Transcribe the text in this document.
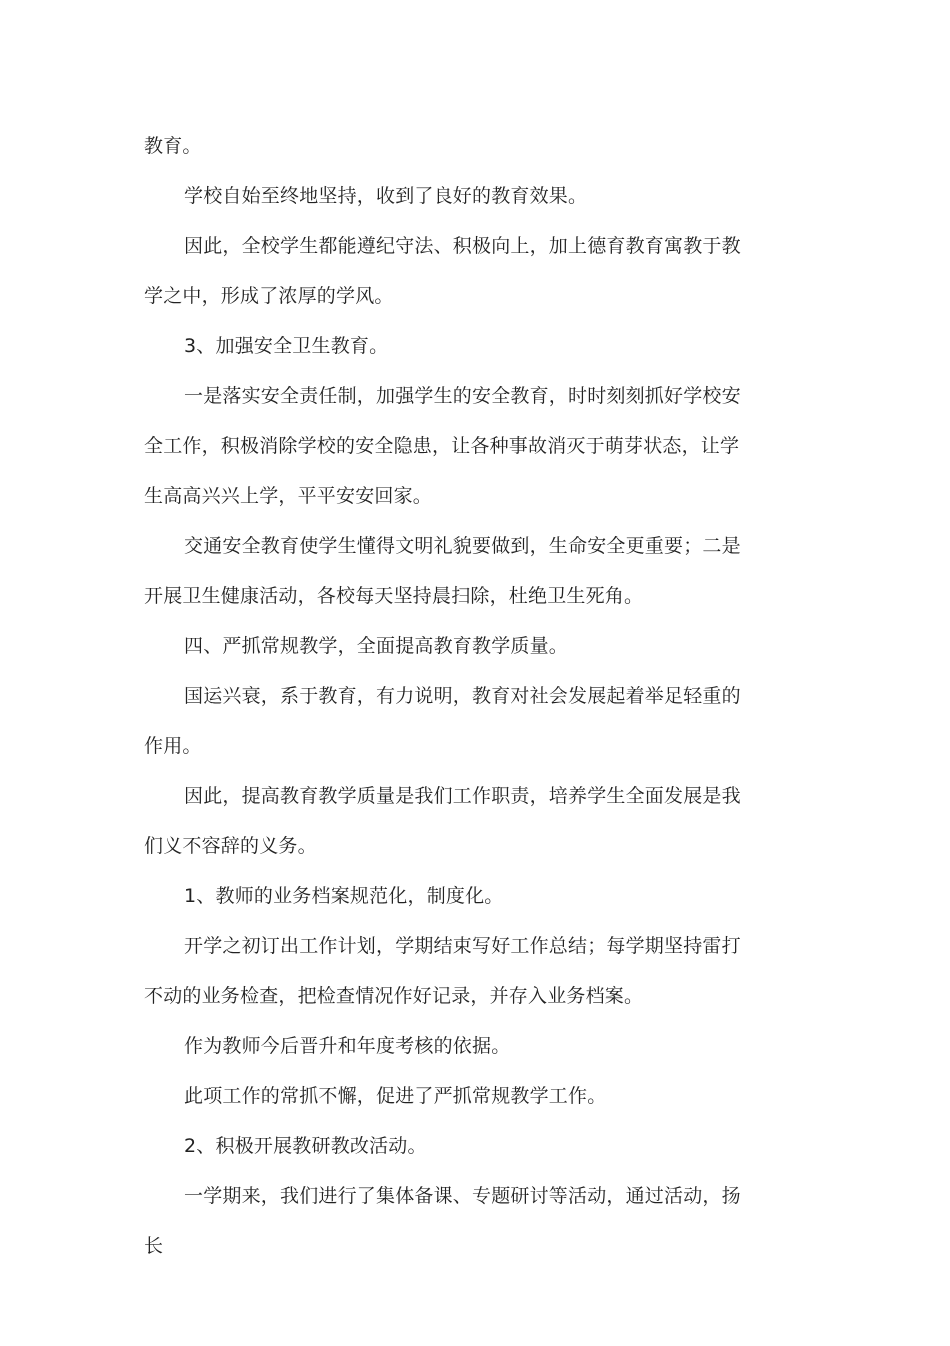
教育。

学校自始至终地坚持，收到了良好的教育效果。

因此，全校学生都能遵纪守法、积极向上，加上德育教育寓教于教学之中，形成了浓厚的学风。

3、加强安全卫生教育。

一是落实安全责任制，加强学生的安全教育，时时刻刻抓好学校安全工作，积极消除学校的安全隐患，让各种事故消灭于萌芽状态，让学生高高兴兴上学，平平安安回家。

交通安全教育使学生懂得文明礼貌要做到，生命安全更重要；二是开展卫生健康活动，各校每天坚持晨扫除，杜绝卫生死角。

四、严抓常规教学，全面提高教育教学质量。

国运兴衰，系于教育，有力说明，教育对社会发展起着举足轻重的作用。

因此，提高教育教学质量是我们工作职责，培养学生全面发展是我们义不容辞的义务。

1、教师的业务档案规范化，制度化。

开学之初订出工作计划，学期结束写好工作总结；每学期坚持雷打不动的业务检查，把检查情况作好记录，并存入业务档案。

作为教师今后晋升和年度考核的依据。

此项工作的常抓不懈，促进了严抓常规教学工作。

2、积极开展教研教改活动。

一学期来，我们进行了集体备课、专题研讨等活动，通过活动，扬长
